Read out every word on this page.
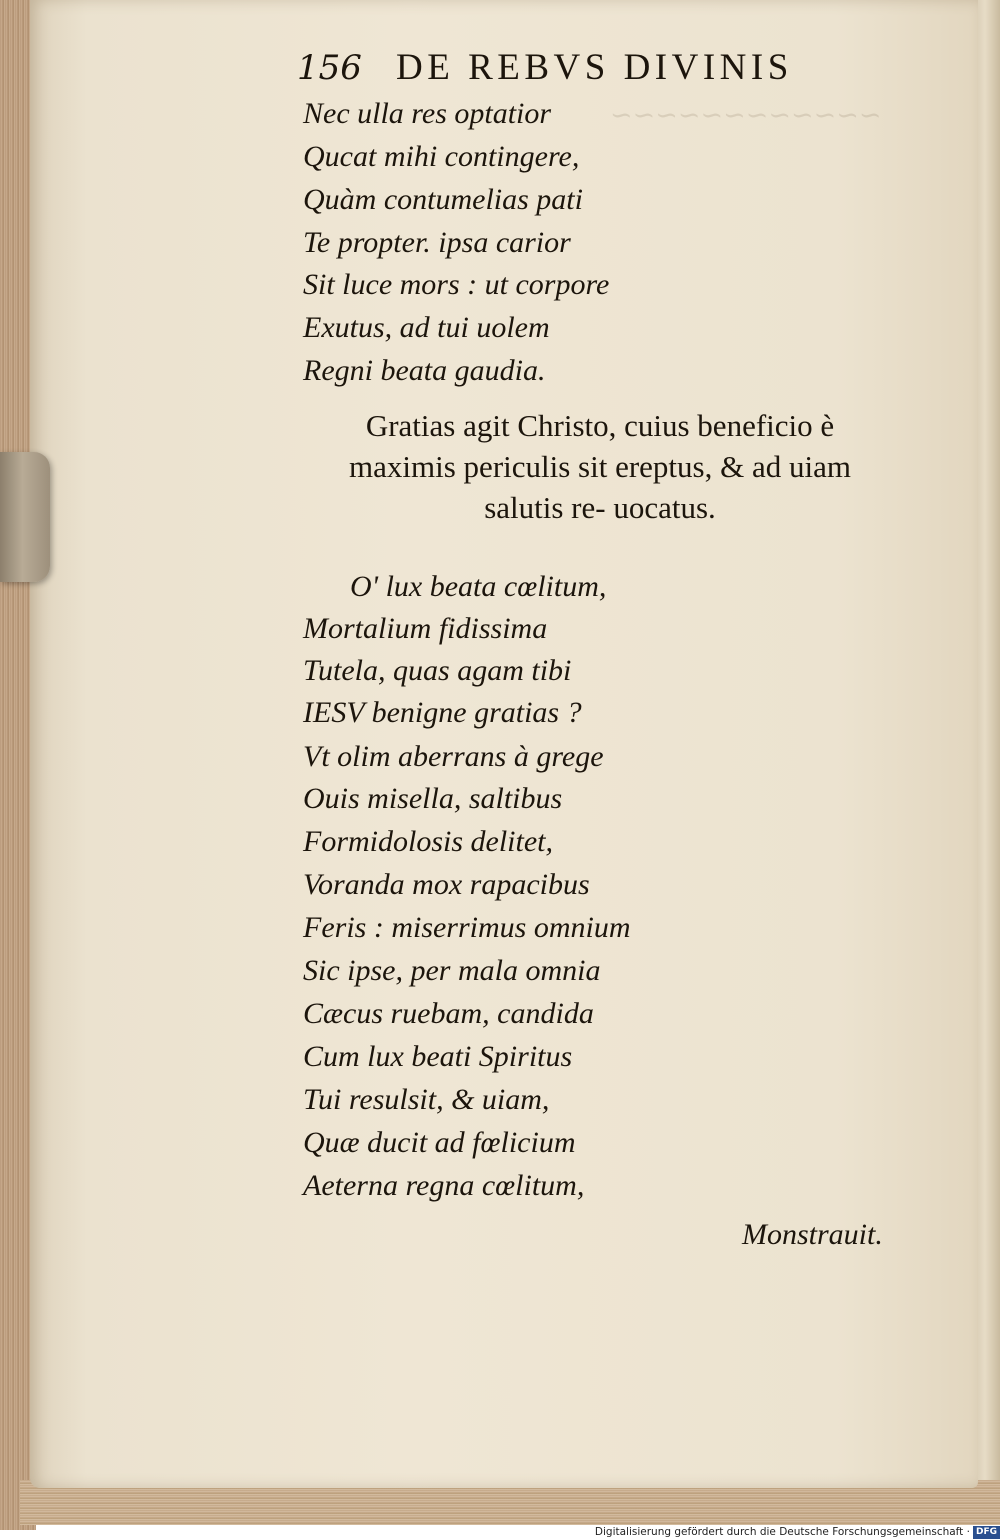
~~~~~~~~~~~~
156 DE REBVS DIVINIS
Nec ulla res optatior
Qucat mihi contingere,
Quàm contumelias pati
Te propter. ipsa carior
Sit luce mors : ut corpore
Exutus, ad tui uolem
Regni beata gaudia.
Gratias agit Christo, cuius beneficio è maximis periculis sit ereptus, & ad uiam salutis re- uocatus.
O' lux beata cœlitum,
Mortalium fidissima
Tutela, quas agam tibi
IESV benigne gratias ?
Vt olim aberrans à grege
Ouis misella, saltibus
Formidolosis delitet,
Voranda mox rapacibus
Feris : miserrimus omnium
Sic ipse, per mala omnia
Cæcus ruebam, candida
Cum lux beati Spiritus
Tui resulsit, & uiam,
Quæ ducit ad fœlicium
Aeterna regna cœlitum,
Monstrauit.
Digitalisierung gefördert durch die Deutsche Forschungsgemeinschaft · DFG
